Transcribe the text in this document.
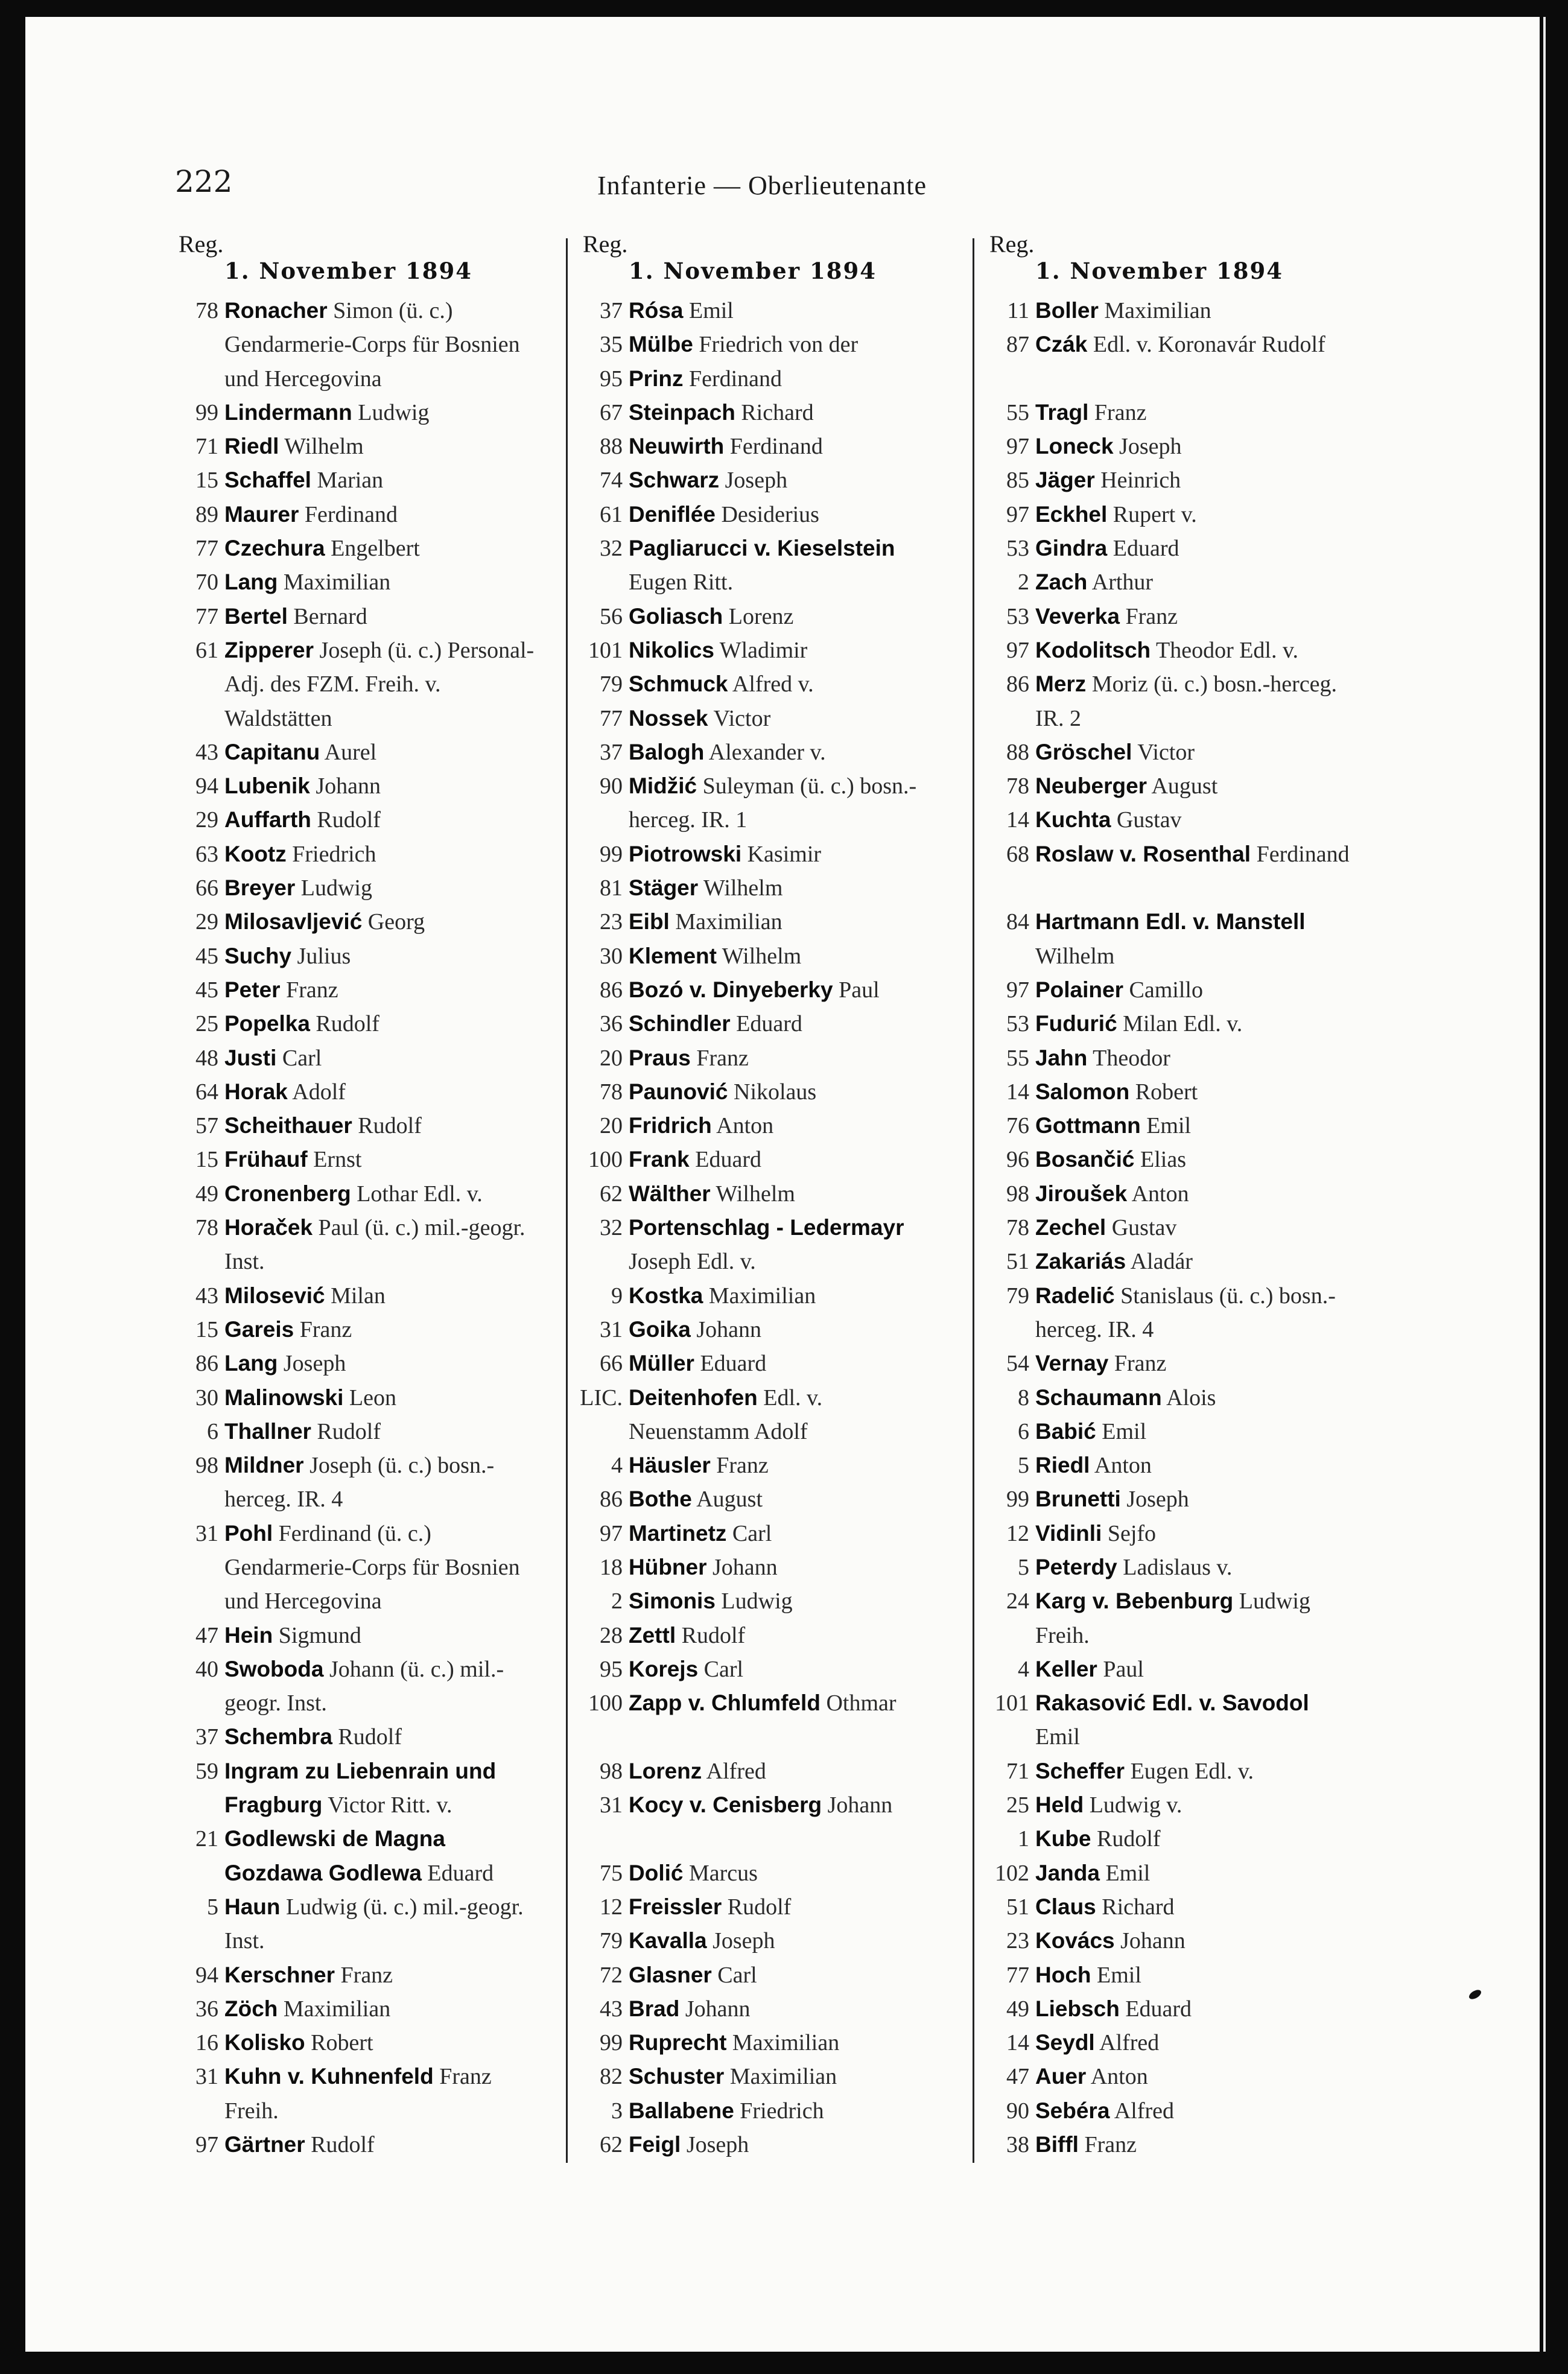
222	Infanterie — Oberlieutenante
Reg.
1. November 1894
78 Ronacher Simon (ü. c.) Gendarmerie-Corps für Bosnien und Hercegovina
99 Lindermann Ludwig
71 Riedl Wilhelm
15 Schaffel Marian
89 Maurer Ferdinand
77 Czechura Engelbert
70 Lang Maximilian
77 Bertel Bernard
61 Zipperer Joseph (ü. c.) Personal-Adj. des FZM. Freih. v. Waldstätten
43 Capitanu Aurel
94 Lubenik Johann
29 Auffarth Rudolf
63 Kootz Friedrich
66 Breyer Ludwig
29 Milosavljević Georg
45 Suchy Julius
45 Peter Franz
25 Popelka Rudolf
48 Justi Carl
64 Horak Adolf
57 Scheithauer Rudolf
15 Frühauf Ernst
49 Cronenberg Lothar Edl. v.
78 Horaček Paul (ü. c.) mil.-geogr. Inst.
43 Milosević Milan
15 Gareis Franz
86 Lang Joseph
30 Malinowski Leon
6 Thallner Rudolf
98 Mildner Joseph (ü. c.) bosn.-herceg. IR. 4
31 Pohl Ferdinand (ü. c.) Gendarmerie-Corps für Bosnien und Hercegovina
47 Hein Sigmund
40 Swoboda Johann (ü. c.) mil.-geogr. Inst.
37 Schembra Rudolf
59 Ingram zu Liebenrain und Fragburg Victor Ritt. v.
21 Godlewski de Magna Gozdawa Godlewa Eduard
5 Haun Ludwig (ü. c.) mil.-geogr. Inst.
94 Kerschner Franz
36 Zöch Maximilian
16 Kolisko Robert
31 Kuhn v. Kuhnenfeld Franz Freih.
97 Gärtner Rudolf
Reg.
1. November 1894
37 Rósa Emil
35 Mülbe Friedrich von der
95 Prinz Ferdinand
67 Steinpach Richard
88 Neuwirth Ferdinand
74 Schwarz Joseph
61 Deniflée Desiderius
32 Pagliarucci v. Kieselstein Eugen Ritt.
56 Goliasch Lorenz
101 Nikolics Wladimir
79 Schmuck Alfred v.
77 Nossek Victor
37 Balogh Alexander v.
90 Midžić Suleyman (ü. c.) bosn.-herceg. IR. 1
99 Piotrowski Kasimir
81 Stäger Wilhelm
23 Eibl Maximilian
30 Klement Wilhelm
86 Bozó v. Dinyeberky Paul
36 Schindler Eduard
20 Praus Franz
78 Paunović Nikolaus
20 Fridrich Anton
100 Frank Eduard
62 Wälther Wilhelm
32 Portenschlag - Ledermayr Joseph Edl. v.
9 Kostka Maximilian
31 Goika Johann
66 Müller Eduard
LIC. Deitenhofen Edl. v. Neuenstamm Adolf
4 Häusler Franz
86 Bothe August
97 Martinetz Carl
18 Hübner Johann
2 Simonis Ludwig
28 Zettl Rudolf
95 Korejs Carl
100 Zapp v. Chlumfeld Othmar
98 Lorenz Alfred
31 Kocy v. Cenisberg Johann
75 Dolić Marcus
12 Freissler Rudolf
79 Kavalla Joseph
72 Glasner Carl
43 Brad Johann
99 Ruprecht Maximilian
82 Schuster Maximilian
3 Ballabene Friedrich
62 Feigl Joseph
Reg.
1. November 1894
11 Boller Maximilian
87 Czák Edl. v. Koronavár Rudolf
55 Tragl Franz
97 Loneck Joseph
85 Jäger Heinrich
97 Eckhel Rupert v.
53 Gindra Eduard
2 Zach Arthur
53 Veverka Franz
97 Kodolitsch Theodor Edl. v.
86 Merz Moriz (ü. c.) bosn.-herceg. IR. 2
88 Gröschel Victor
78 Neuberger August
14 Kuchta Gustav
68 Roslaw v. Rosenthal Ferdinand
84 Hartmann Edl. v. Manstell Wilhelm
97 Polainer Camillo
53 Fudurić Milan Edl. v.
55 Jahn Theodor
14 Salomon Robert
76 Gottmann Emil
96 Bosančić Elias
98 Jiroušek Anton
78 Zechel Gustav
51 Zakariás Aladár
79 Radelić Stanislaus (ü. c.) bosn.-herceg. IR. 4
54 Vernay Franz
8 Schaumann Alois
6 Babić Emil
5 Riedl Anton
99 Brunetti Joseph
12 Vidinli Sejfo
5 Peterdy Ladislaus v.
24 Karg v. Bebenburg Ludwig Freih.
4 Keller Paul
101 Rakasović Edl. v. Savodol Emil
71 Scheffer Eugen Edl. v.
25 Held Ludwig v.
1 Kube Rudolf
102 Janda Emil
51 Claus Richard
23 Kovács Johann
77 Hoch Emil
49 Liebsch Eduard
14 Seydl Alfred
47 Auer Anton
90 Sebéra Alfred
38 Biffl Franz
